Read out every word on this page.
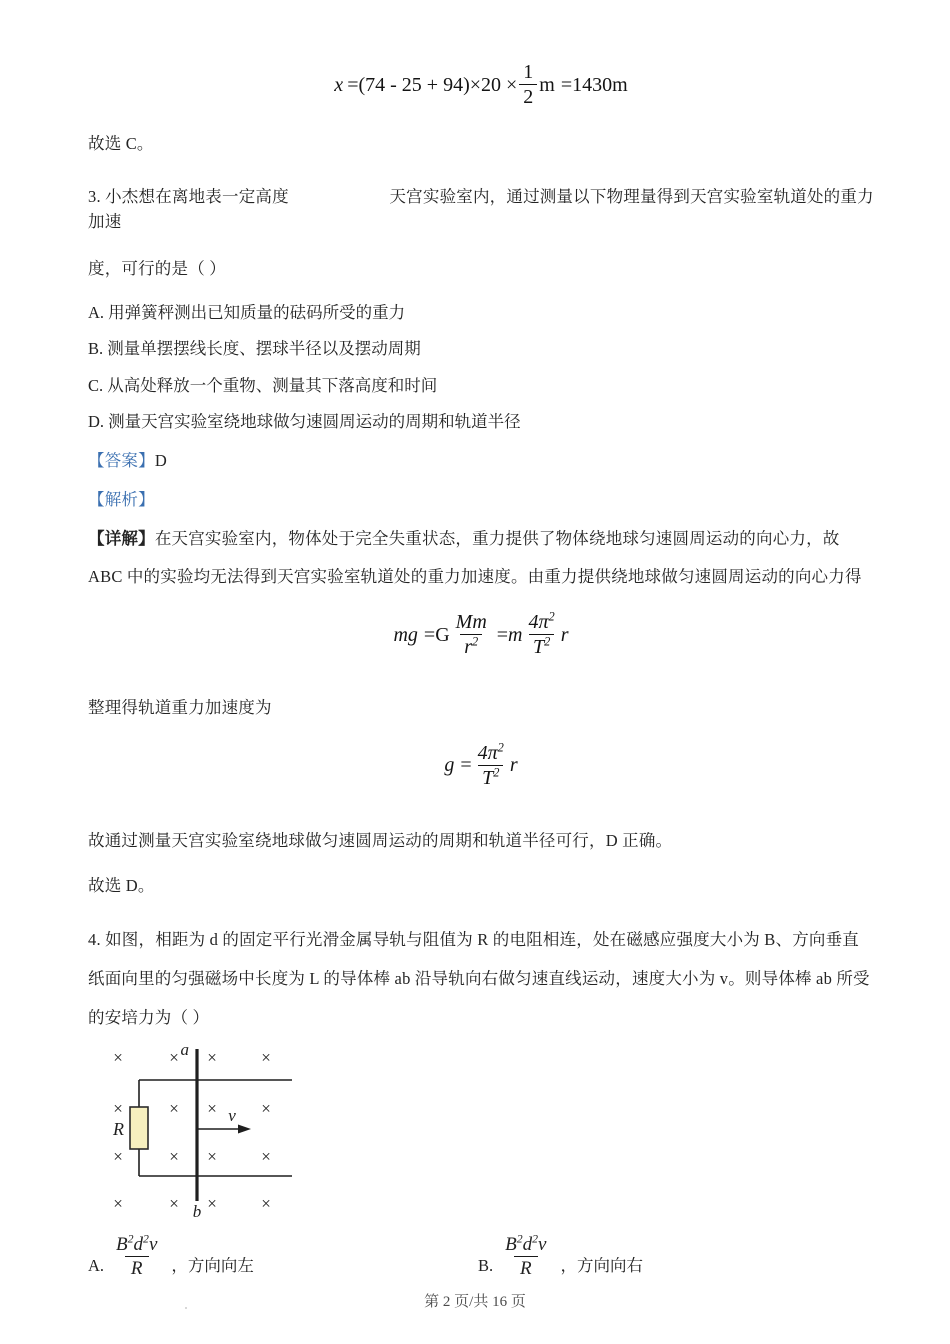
$x =(74 - 25 + 94)\times 20 \times \frac{1}{2}$ m =1430m

故选 C。

3. 小杰想在离地表一定高度	天宫实验室内，通过测量以下物理量得到天宫实验室轨道处的重力加速

度，可行的是（ ）

A. 用弹簧秤测出已知质量的砝码所受的重力

B. 测量单摆摆线长度、摆球半径以及摆动周期

C. 从高处释放一个重物、测量其下落高度和时间

D. 测量天宫实验室绕地球做匀速圆周运动的周期和轨道半径

【答案】D

【解析】

【详解】在天宫实验室内，物体处于完全失重状态，重力提供了物体绕地球匀速圆周运动的向心力，故

ABC 中的实验均无法得到天宫实验室轨道处的重力加速度。由重力提供绕地球做匀速圆周运动的向心力得

mg = G $\frac{Mm}{r^2} = m \frac{4\pi^2}{T^2}$ r

整理得轨道重力加速度为

$g = \frac{4\pi^2}{T^2}$ r

故通过测量天宫实验室绕地球做匀速圆周运动的周期和轨道半径可行，D 正确。

故选 D。

4. 如图，相距为 d 的固定平行光滑金属导轨与阻值为 R 的电阻相连，处在磁感应强度大小为 B、方向垂直

纸面向里的匀强磁场中长度为 L 的导体棒 ab 沿导轨向右做匀速直线运动，速度大小为 v。则导体棒 ab 所受

的安培力为（ ）

×	× ×	×
×	× ×	×
×	× ×	×
×	× ×	×
a
b
R
v
A. $\frac{B^2d^2v}{R}$ ，方向向左	B. $\frac{B^2d^2v}{R}$ ，方向向右
第 2 页/共 16 页
